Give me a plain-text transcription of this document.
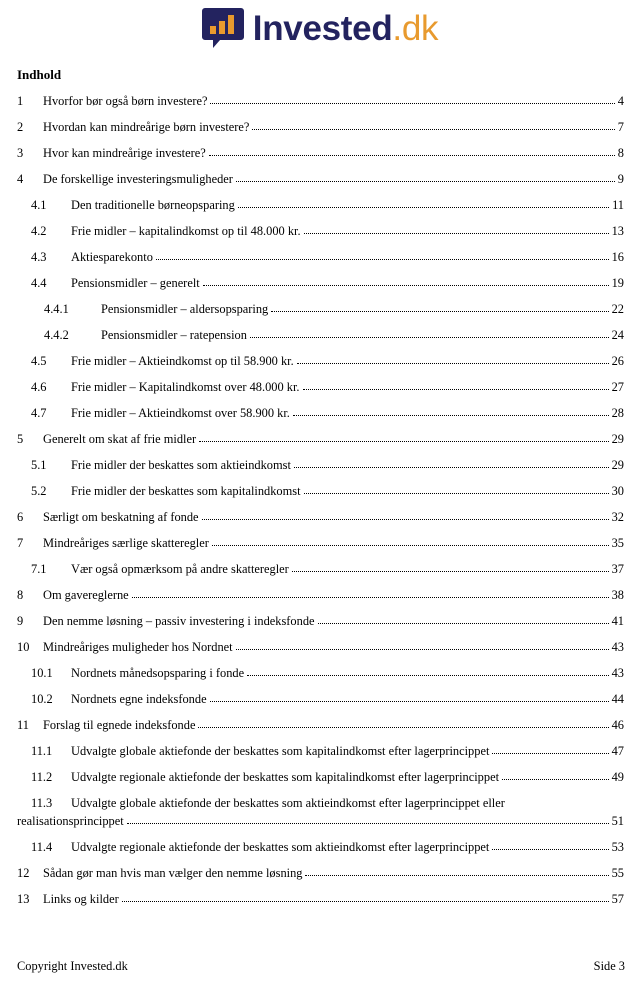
Invested.dk
Indhold
1 Hvorfor bør også børn investere?	4
2 Hvordan kan mindreårige børn investere?	7
3 Hvor kan mindreårige investere?	8
4 De forskellige investeringsmuligheder	9
4.1 Den traditionelle børneopsparing	11
4.2 Frie midler – kapitalindkomst op til 48.000 kr.	13
4.3 Aktiesparekonto	16
4.4 Pensionsmidler – generelt	19
4.4.1	Pensionsmidler – aldersopsparing	22
4.4.2	Pensionsmidler – ratepension	24
4.5 Frie midler – Aktieindkomst op til 58.900 kr.	26
4.6 Frie midler – Kapitalindkomst over 48.000 kr.	27
4.7 Frie midler – Aktieindkomst over 58.900 kr.	28
5 Generelt om skat af frie midler	29
5.1 Frie midler der beskattes som aktieindkomst	29
5.2 Frie midler der beskattes som kapitalindkomst	30
6 Særligt om beskatning af fonde	32
7 Mindreåriges særlige skatteregler	35
7.1 Vær også opmærksom på andre skatteregler	37
8 Om gavereglerne	38
9 Den nemme løsning – passiv investering i indeksfonde	41
10 Mindreåriges muligheder hos Nordnet	43
10.1 Nordnets månedsopsparing i fonde	43
10.2 Nordnets egne indeksfonde	44
11 Forslag til egnede indeksfonde	46
11.1 Udvalgte globale aktiefonde der beskattes som kapitalindkomst efter lagerprincippet	47
11.2 Udvalgte regionale aktiefonde der beskattes som kapitalindkomst efter lagerprincippet	49
11.3 Udvalgte globale aktiefonde der beskattes som aktieindkomst efter lagerprincippet eller
realisationsprincippet	51
11.4 Udvalgte regionale aktiefonde der beskattes som aktieindkomst efter lagerprincippet	53
12 Sådan gør man hvis man vælger den nemme løsning	55
13 Links og kilder	57
Copyright Invested.dk	Side 3
